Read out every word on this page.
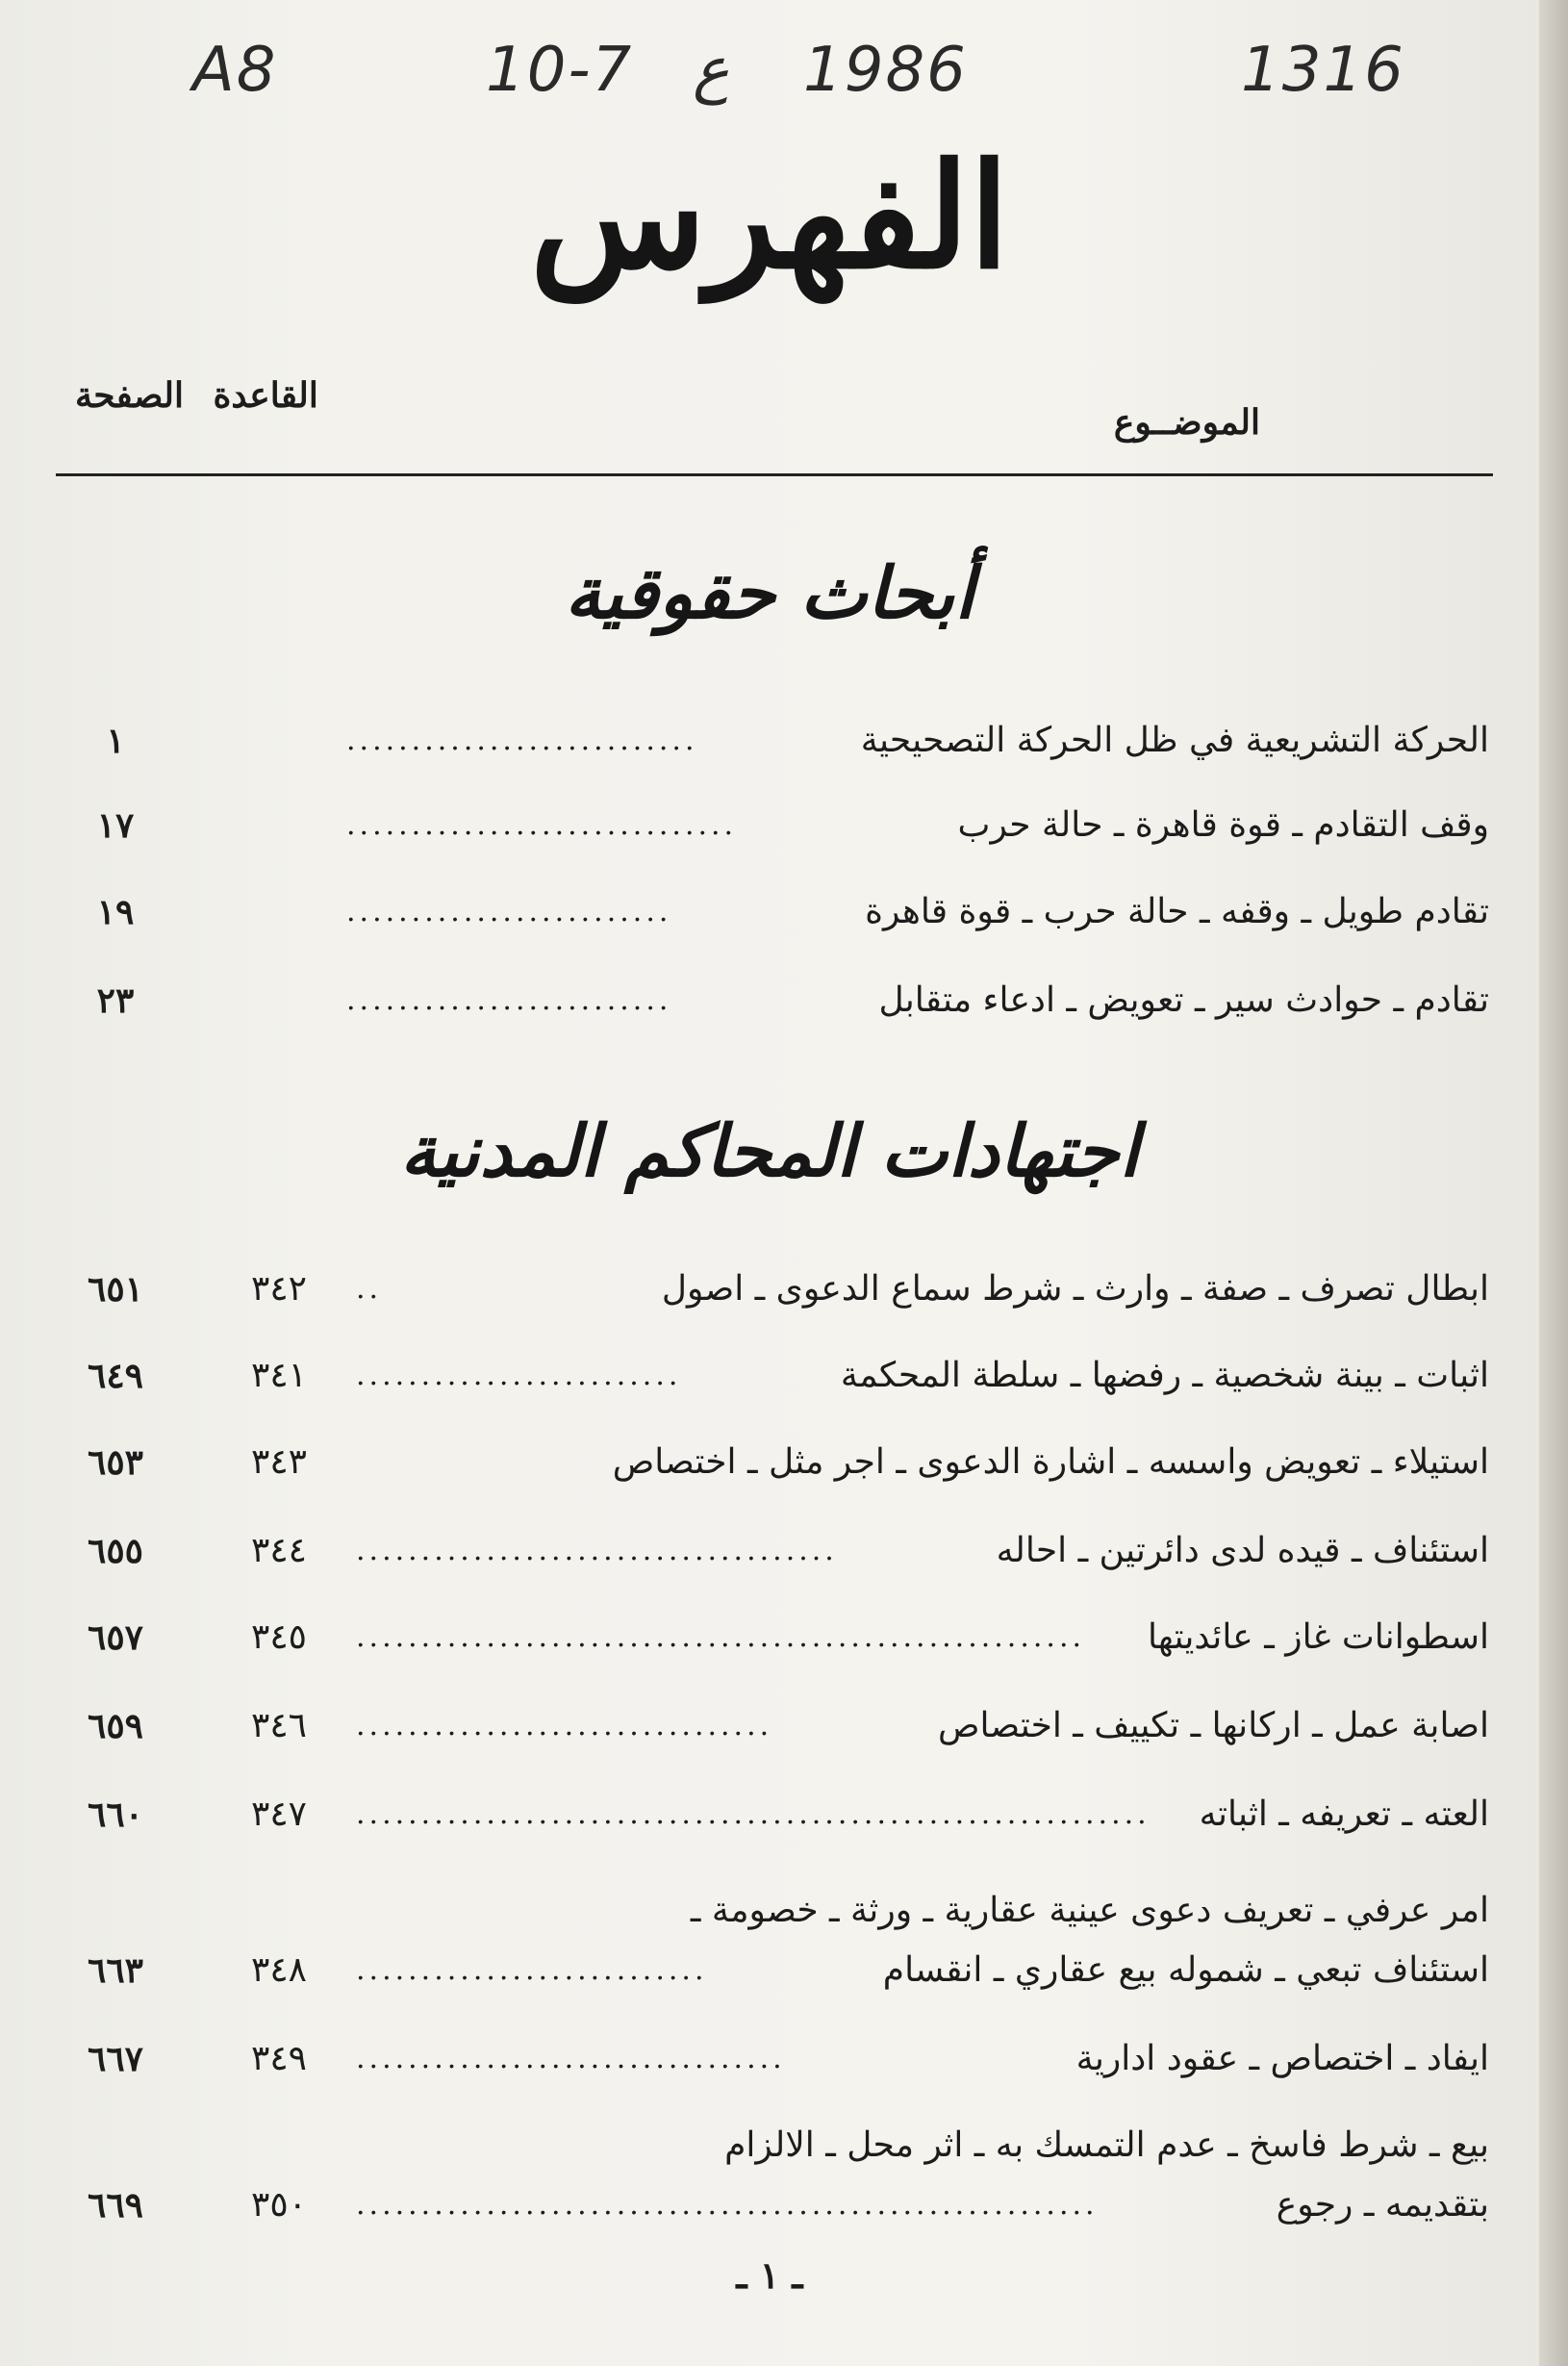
A8	10-7 ع 1986	1316
الفهرس
الموضــوع
القاعدة الصفحة
أبحاث حقوقية
الحركة التشريعية في ظل الحركة التصحيحية
...........................
١
وقف التقادم ـ قوة قاهرة ـ حالة حرب
..............................
١٧
تقادم طويل ـ وقفه ـ حالة حرب ـ قوة قاهرة
.........................
١٩
تقادم ـ حوادث سير ـ تعويض ـ ادعاء متقابل
.........................
٢٣
اجتهادات المحاكم المدنية
ابطال تصرف ـ صفة ـ وارث ـ شرط سماع الدعوى ـ اصول
..
٣٤٢
٦٥١
اثبات ـ بينة شخصية ـ رفضها ـ سلطة المحكمة
.........................
٣٤١
٦٤٩
استيلاء ـ تعويض واسسه ـ اشارة الدعوى ـ اجر مثل ـ اختصاص
٣٤٣
٦٥٣
استئناف ـ قيده لدى دائرتين ـ احاله
.....................................
٣٤٤
٦٥٥
اسطوانات غاز ـ عائديتها
........................................................
٣٤٥
٦٥٧
اصابة عمل ـ اركانها ـ تكييف ـ اختصاص
................................
٣٤٦
٦٥٩
العته ـ تعريفه ـ اثباته
.............................................................
٣٤٧
٦٦٠
امر عرفي ـ تعريف دعوى عينية عقارية ـ ورثة ـ خصومة ـ
استئناف تبعي ـ شموله بيع عقاري ـ انقسام
...........................
٣٤٨
٦٦٣
ايفاد ـ اختصاص ـ عقود ادارية
.................................
٣٤٩
٦٦٧
بيع ـ شرط فاسخ ـ عدم التمسك به ـ اثر محل ـ الالزام
بتقديمه ـ رجوع
.........................................................
٣٥٠
٦٦٩
ـ ١ ـ
